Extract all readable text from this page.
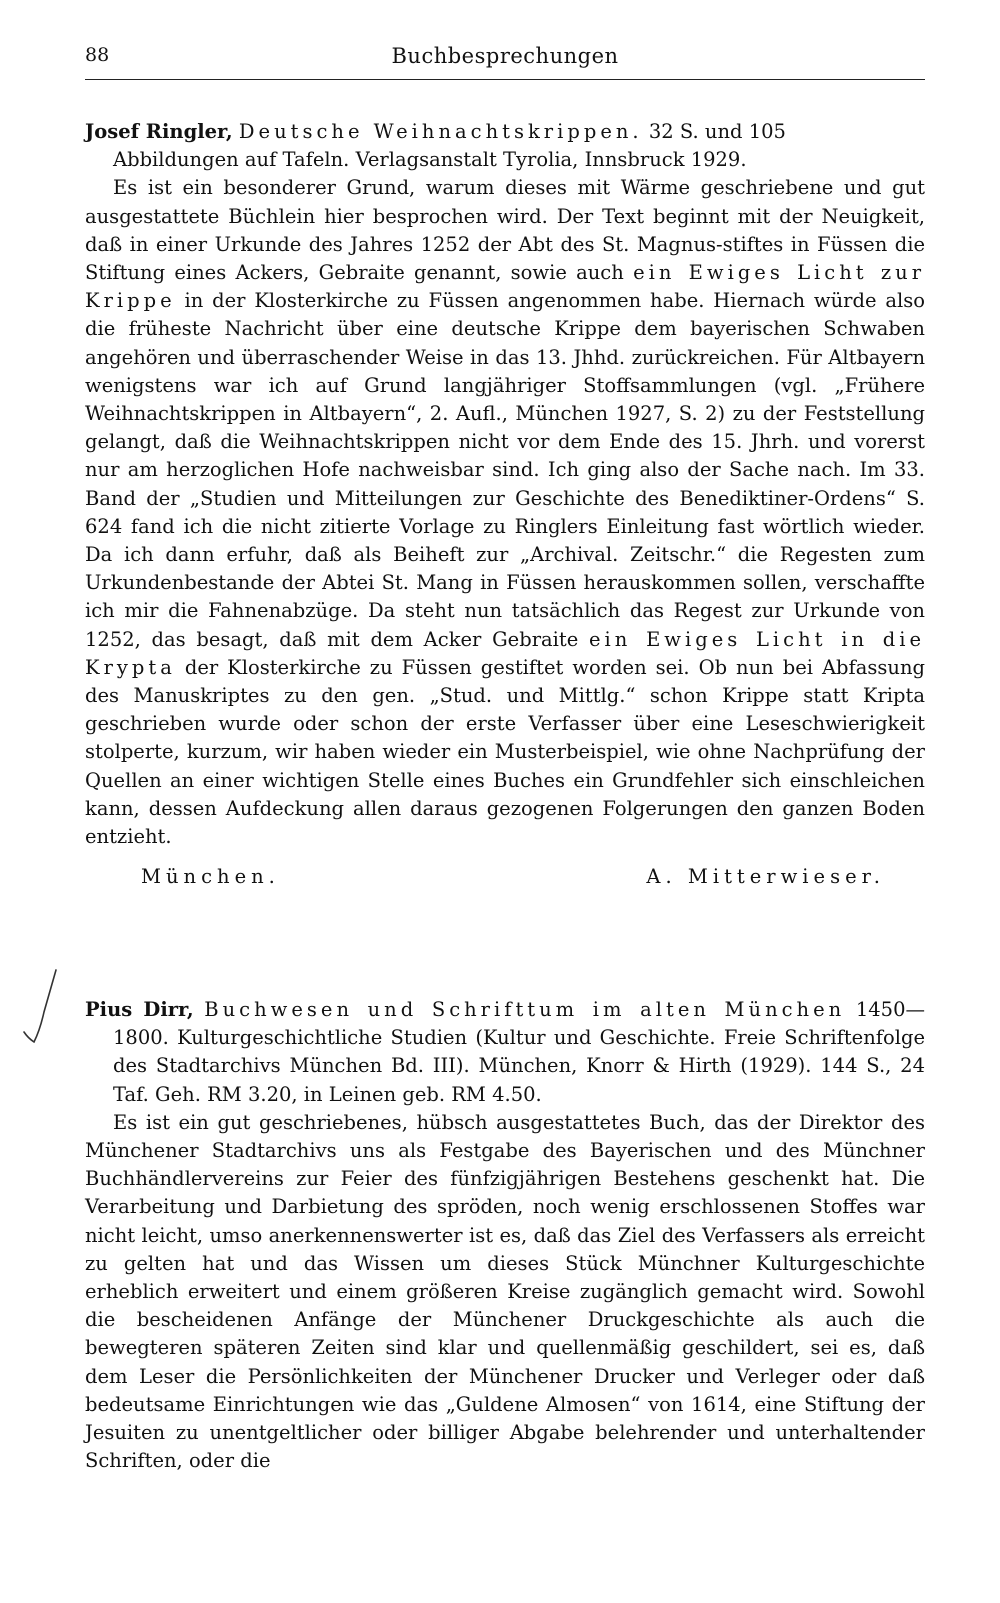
88	Buchbesprechungen
Josef Ringler, Deutsche Weihnachtskrippen. 32 S. und 105
Abbildungen auf Tafeln. Verlagsanstalt Tyrolia, Innsbruck 1929.

Es ist ein besonderer Grund, warum dieses mit Wärme geschriebene und gut ausgestattete Büchlein hier besprochen wird. Der Text beginnt mit der Neuigkeit, daß in einer Urkunde des Jahres 1252 der Abt des St. Magnus-stiftes in Füssen die Stiftung eines Ackers, Gebraite genannt, sowie auch ein Ewiges Licht zur Krippe in der Klosterkirche zu Füssen angenommen habe. Hiernach würde also die früheste Nachricht über eine deutsche Krippe dem bayerischen Schwaben angehören und überraschender Weise in das 13. Jhhd. zurückreichen. Für Altbayern wenigstens war ich auf Grund langjähriger Stoffsammlungen (vgl. „Frühere Weihnachtskrippen in Altbayern“, 2. Aufl., München 1927, S. 2) zu der Feststellung gelangt, daß die Weihnachtskrippen nicht vor dem Ende des 15. Jhrh. und vorerst nur am herzoglichen Hofe nachweisbar sind. Ich ging also der Sache nach. Im 33. Band der „Studien und Mitteilungen zur Geschichte des Benediktiner-Ordens“ S. 624 fand ich die nicht zitierte Vorlage zu Ringlers Einleitung fast wörtlich wieder. Da ich dann erfuhr, daß als Beiheft zur „Archival. Zeitschr.“ die Regesten zum Urkundenbestande der Abtei St. Mang in Füssen herauskommen sollen, verschaffte ich mir die Fahnenabzüge. Da steht nun tatsächlich das Regest zur Urkunde von 1252, das besagt, daß mit dem Acker Gebraite ein Ewiges Licht in die Krypta der Klosterkirche zu Füssen gestiftet worden sei. Ob nun bei Abfassung des Manuskriptes zu den gen. „Stud. und Mittlg.“ schon Krippe statt Kripta geschrieben wurde oder schon der erste Verfasser über eine Leseschwierigkeit stolperte, kurzum, wir haben wieder ein Musterbeispiel, wie ohne Nachprüfung der Quellen an einer wichtigen Stelle eines Buches ein Grundfehler sich einschleichen kann, dessen Aufdeckung allen daraus gezogenen Folgerungen den ganzen Boden entzieht.

München.	A. Mitterwieser.
Pius Dirr, Buchwesen und Schrifttum im alten München 1450—1800. Kulturgeschichtliche Studien (Kultur und Geschichte. Freie Schriftenfolge des Stadtarchivs München Bd. III). München, Knorr & Hirth (1929). 144 S., 24 Taf. Geh. RM 3.20, in Leinen geb. RM 4.50.

Es ist ein gut geschriebenes, hübsch ausgestattetes Buch, das der Direktor des Münchener Stadtarchivs uns als Festgabe des Bayerischen und des Münchner Buchhändlervereins zur Feier des fünfzigjährigen Bestehens geschenkt hat. Die Verarbeitung und Darbietung des spröden, noch wenig erschlossenen Stoffes war nicht leicht, umso anerkennenswerter ist es, daß das Ziel des Verfassers als erreicht zu gelten hat und das Wissen um dieses Stück Münchner Kulturgeschichte erheblich erweitert und einem größeren Kreise zugänglich gemacht wird. Sowohl die bescheidenen Anfänge der Münchener Druckgeschichte als auch die bewegteren späteren Zeiten sind klar und quellenmäßig geschildert, sei es, daß dem Leser die Persönlichkeiten der Münchener Drucker und Verleger oder daß bedeutsame Einrichtungen wie das „Guldene Almosen“ von 1614, eine Stiftung der Jesuiten zu unentgeltlicher oder billiger Abgabe belehrender und unterhaltender Schriften, oder die
